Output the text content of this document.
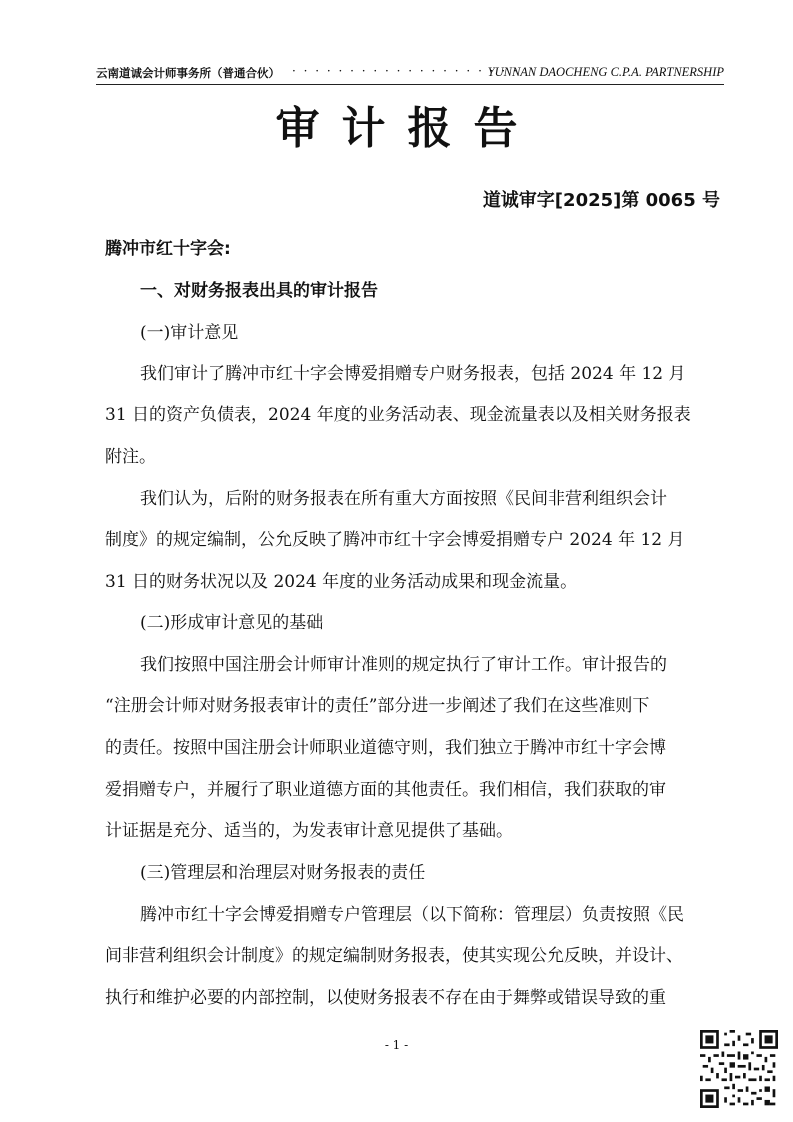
云南道诚会计师事务所（普通合伙） · · · · · · · · · · · · · · · · · · · ·
YUNNAN DAOCHENG C.P.A. PARTNERSHIP
审计报告
道诚审字[2025]第 0065 号
腾冲市红十字会:
一、对财务报表出具的审计报告
(一)审计意见
我们审计了腾冲市红十字会博爱捐赠专户财务报表，包括 2024 年 12 月
31 日的资产负债表，2024 年度的业务活动表、现金流量表以及相关财务报表
附注。
我们认为，后附的财务报表在所有重大方面按照《民间非营利组织会计
制度》的规定编制，公允反映了腾冲市红十字会博爱捐赠专户 2024 年 12 月
31 日的财务状况以及 2024 年度的业务活动成果和现金流量。
(二)形成审计意见的基础
我们按照中国注册会计师审计准则的规定执行了审计工作。审计报告的
“注册会计师对财务报表审计的责任”部分进一步阐述了我们在这些准则下
的责任。按照中国注册会计师职业道德守则，我们独立于腾冲市红十字会博
爱捐赠专户，并履行了职业道德方面的其他责任。我们相信，我们获取的审
计证据是充分、适当的，为发表审计意见提供了基础。
(三)管理层和治理层对财务报表的责任
腾冲市红十字会博爱捐赠专户管理层（以下简称：管理层）负责按照《民
间非营利组织会计制度》的规定编制财务报表，使其实现公允反映，并设计、
执行和维护必要的内部控制，以使财务报表不存在由于舞弊或错误导致的重
- 1 -
